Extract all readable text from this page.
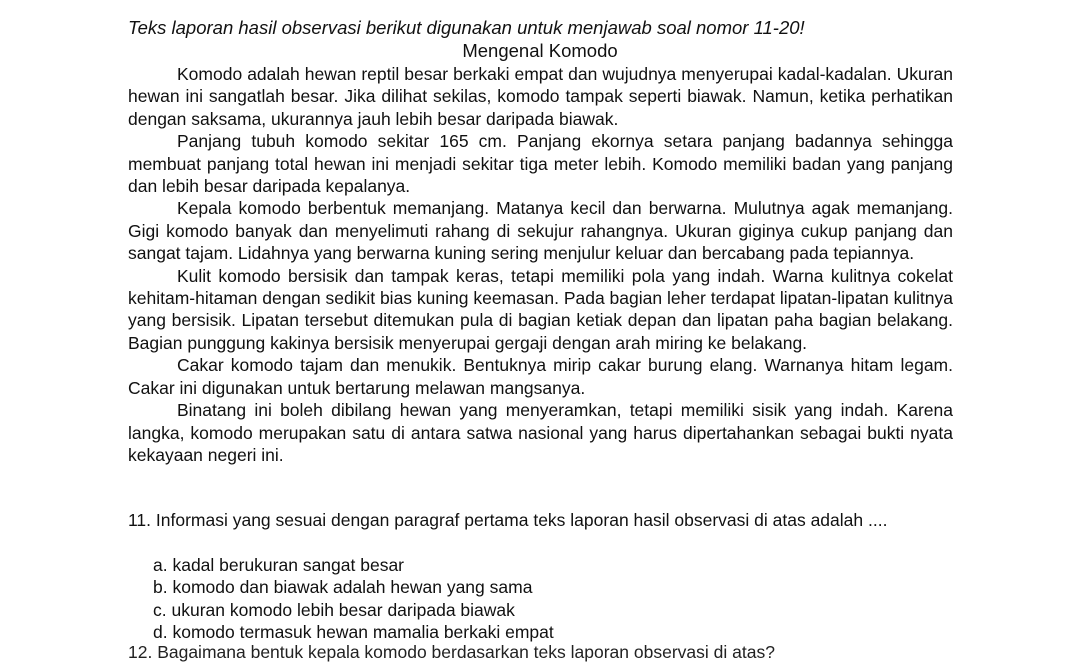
Teks laporan hasil observasi berikut digunakan untuk menjawab soal nomor 11-20!
Mengenal Komodo

Komodo adalah hewan reptil besar berkaki empat dan wujudnya menyerupai kadal-kadalan. Ukuran hewan ini sangatlah besar. Jika dilihat sekilas, komodo tampak seperti biawak. Namun, ketika perhatikan dengan saksama, ukurannya jauh lebih besar daripada biawak.

Panjang tubuh komodo sekitar 165 cm. Panjang ekornya setara panjang badannya sehingga membuat panjang total hewan ini menjadi sekitar tiga meter lebih. Komodo memiliki badan yang panjang dan lebih besar daripada kepalanya.

Kepala komodo berbentuk memanjang. Matanya kecil dan berwarna. Mulutnya agak memanjang. Gigi komodo banyak dan menyelimuti rahang di sekujur rahangnya. Ukuran giginya cukup panjang dan sangat tajam. Lidahnya yang berwarna kuning sering menjulur keluar dan bercabang pada tepiannya.

Kulit komodo bersisik dan tampak keras, tetapi memiliki pola yang indah. Warna kulitnya cokelat kehitam-hitaman dengan sedikit bias kuning keemasan. Pada bagian leher terdapat lipatan-lipatan kulitnya yang bersisik. Lipatan tersebut ditemukan pula di bagian ketiak depan dan lipatan paha bagian belakang. Bagian punggung kakinya bersisik menyerupai gergaji dengan arah miring ke belakang.

Cakar komodo tajam dan menukik. Bentuknya mirip cakar burung elang. Warnanya hitam legam. Cakar ini digunakan untuk bertarung melawan mangsanya.

Binatang ini boleh dibilang hewan yang menyeramkan, tetapi memiliki sisik yang indah. Karena langka, komodo merupakan satu di antara satwa nasional yang harus dipertahankan sebagai bukti nyata kekayaan negeri ini.

11. Informasi yang sesuai dengan paragraf pertama teks laporan hasil observasi di atas adalah ....
a. kadal berukuran sangat besar
b. komodo dan biawak adalah hewan yang sama
c. ukuran komodo lebih besar daripada biawak
d. komodo termasuk hewan mamalia berkaki empat
12. Bagaimana bentuk kepala komodo berdasarkan teks laporan observasi di atas?
